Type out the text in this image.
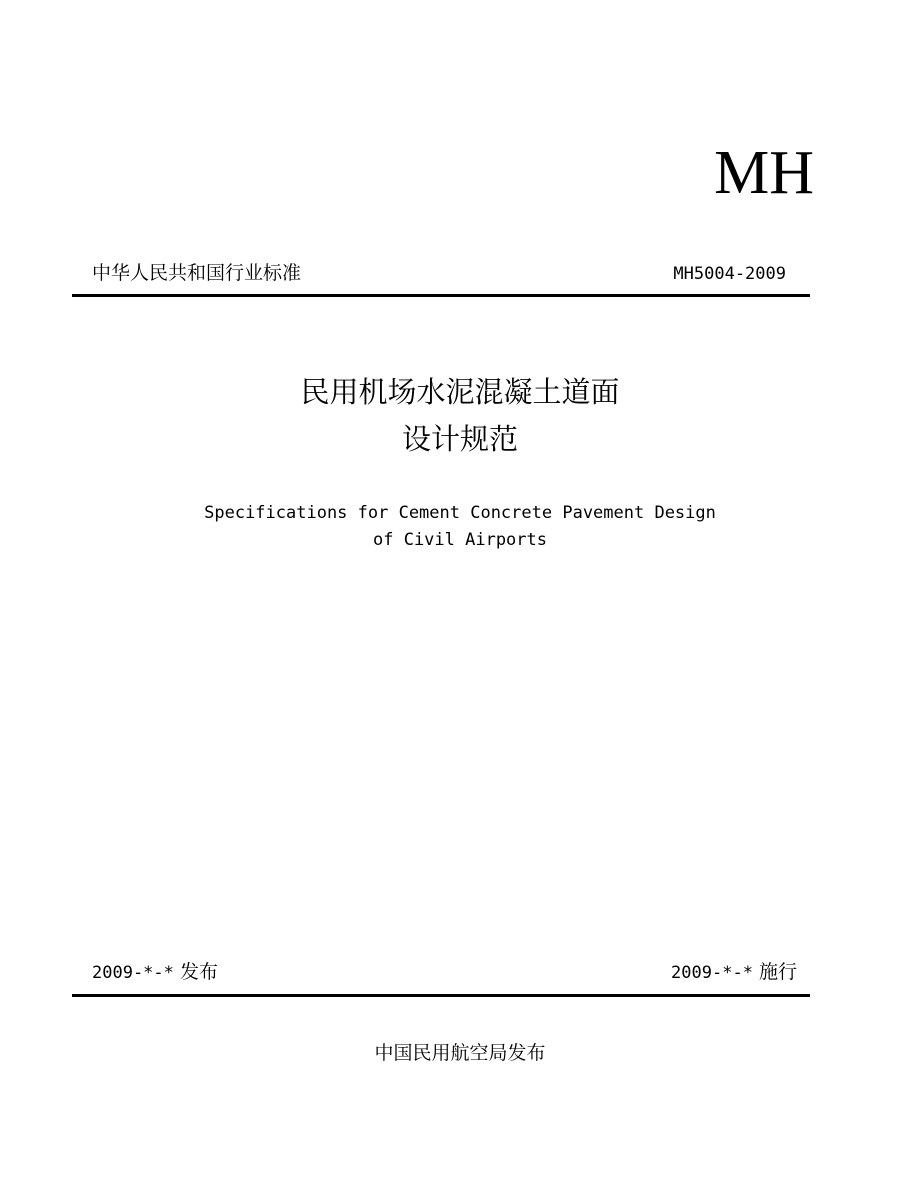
MH
中华人民共和国行业标准	MH5004-2009
民用机场水泥混凝土道面
设计规范
Specifications for Cement Concrete Pavement Design
of Civil Airports
2009-*-* 发布	2009-*-* 施行
中国民用航空局发布
